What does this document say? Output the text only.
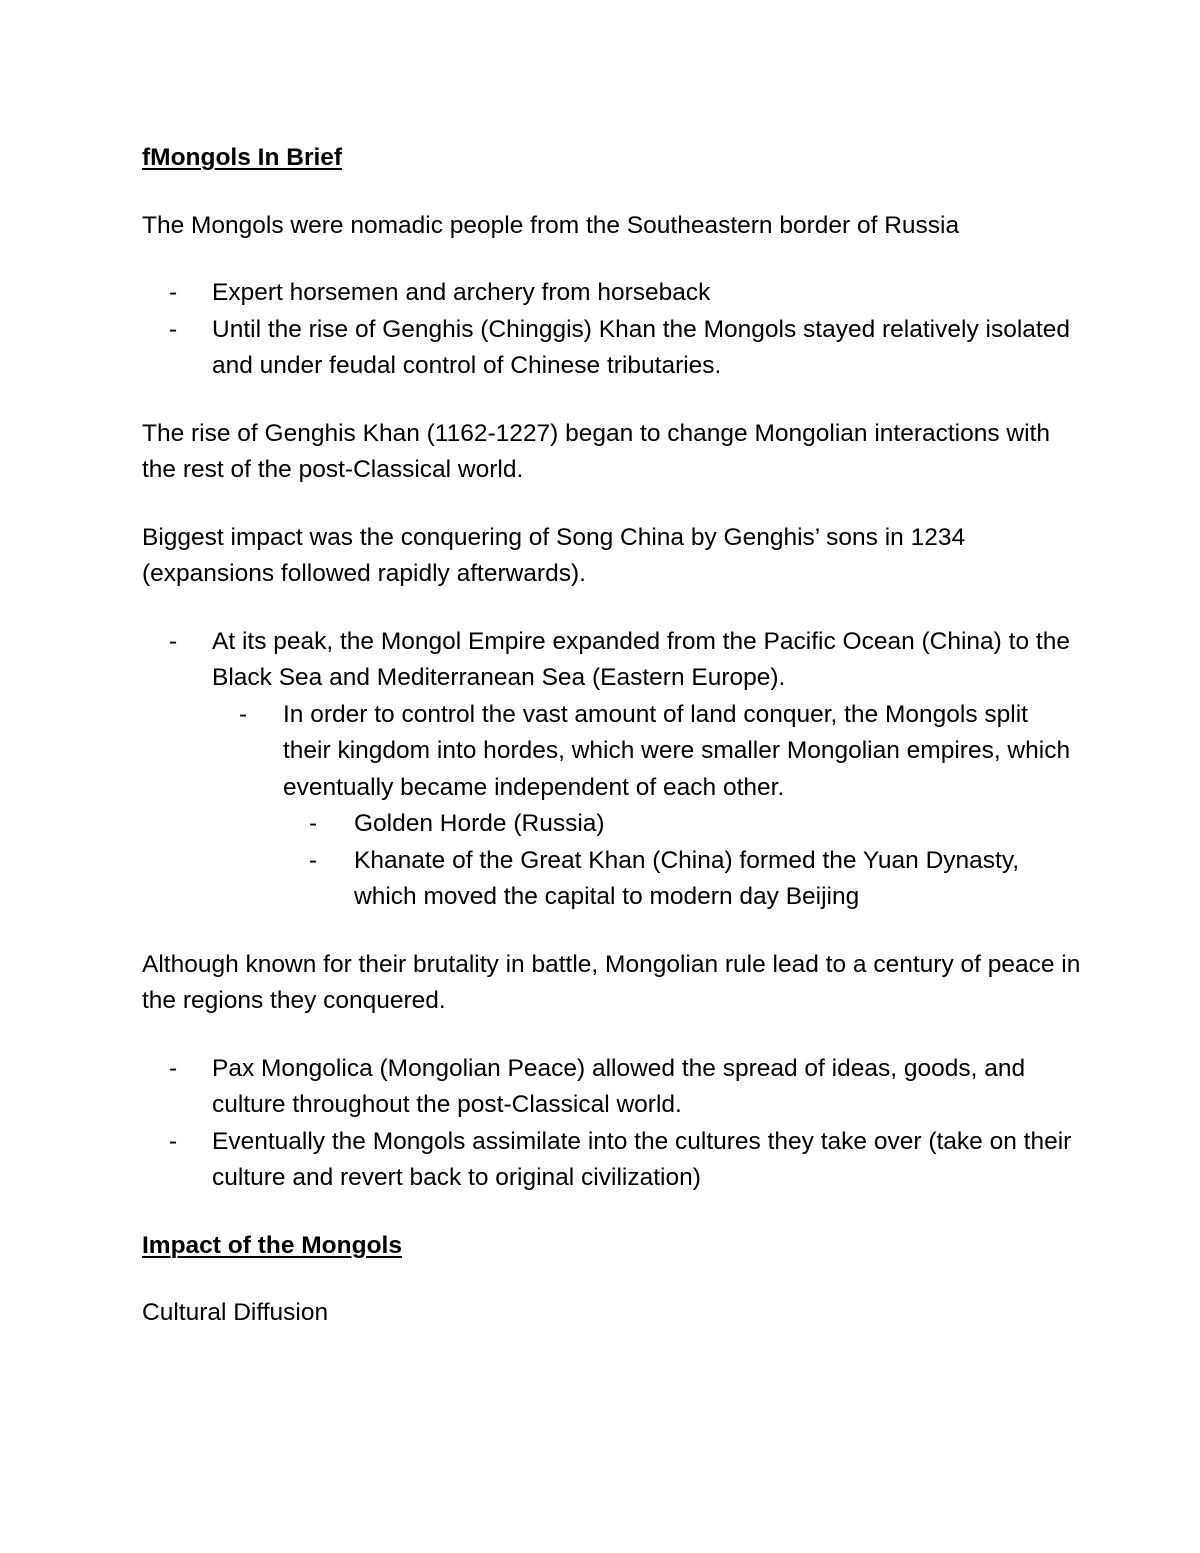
fMongols In Brief

The Mongols were nomadic people from the Southeastern border of Russia

- Expert horsemen and archery from horseback
- Until the rise of Genghis (Chinggis) Khan the Mongols stayed relatively isolated and under feudal control of Chinese tributaries.

The rise of Genghis Khan (1162-1227) began to change Mongolian interactions with the rest of the post-Classical world.

Biggest impact was the conquering of Song China by Genghis’ sons in 1234 (expansions followed rapidly afterwards).

- At its peak, the Mongol Empire expanded from the Pacific Ocean (China) to the Black Sea and Mediterranean Sea (Eastern Europe).
- In order to control the vast amount of land conquer, the Mongols split their kingdom into hordes, which were smaller Mongolian empires, which eventually became independent of each other.
- Golden Horde (Russia)
- Khanate of the Great Khan (China) formed the Yuan Dynasty, which moved the capital to modern day Beijing

Although known for their brutality in battle, Mongolian rule lead to a century of peace in the regions they conquered.

- Pax Mongolica (Mongolian Peace) allowed the spread of ideas, goods, and culture throughout the post-Classical world.
- Eventually the Mongols assimilate into the cultures they take over (take on their culture and revert back to original civilization)

Impact of the Mongols

Cultural Diffusion
